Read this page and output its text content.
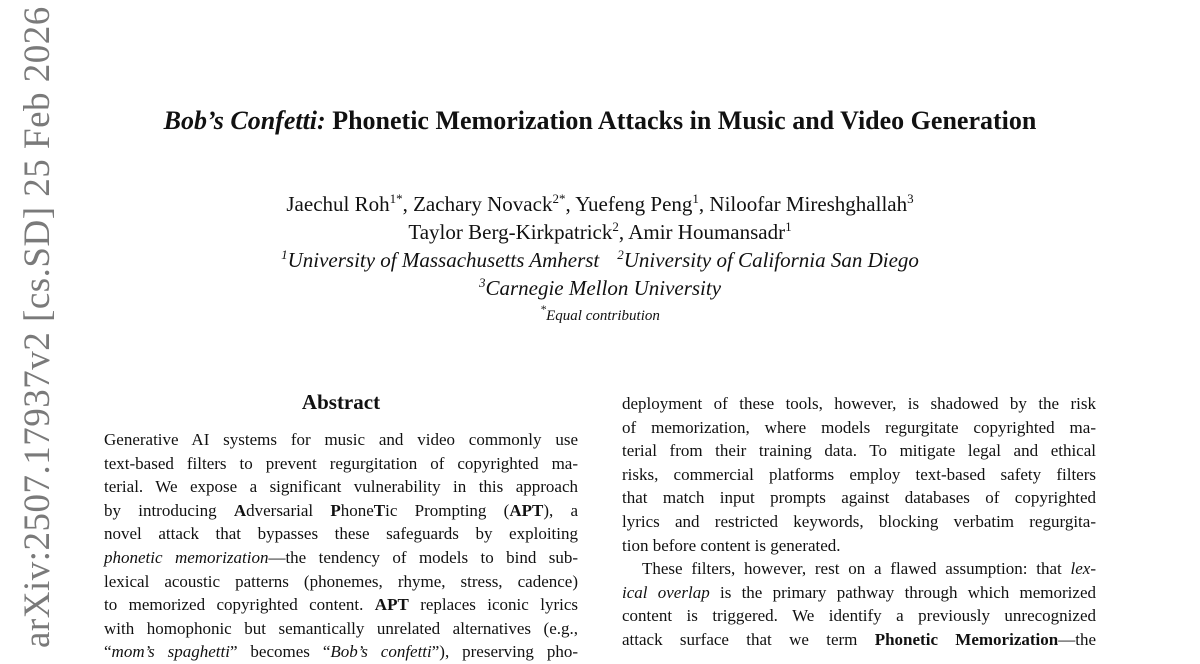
arXiv:2507.17937v2 [cs.SD] 25 Feb 2026	Bob’s Confetti: Phonetic Memorization Attacks in Music and Video Generation
Jaechul Roh$^{1*}$, Zachary Novack$^{2*}$, Yuefeng Peng$^1$, Niloofar Mireshghallah$^3$
Taylor Berg-Kirkpatrick$^2$, Amir Houmansadr$^1$
$^1$University of Massachusetts Amherst $^2$University of California San Diego
$^3$Carnegie Mellon University
*Equal contribution
Abstract
Generative AI systems for music and video commonly use
text-based filters to prevent regurgitation of copyrighted ma-
terial. We expose a significant vulnerability in this approach
by introducing Adversarial PhoneTic Prompting (APT), a
novel attack that bypasses these safeguards by exploiting
phonetic memorization—the tendency of models to bind sub-
lexical acoustic patterns (phonemes, rhyme, stress, cadence)
to memorized copyrighted content. APT replaces iconic lyrics
with homophonic but semantically unrelated alternatives (e.g.,
“mom’s spaghetti” becomes “Bob’s confetti”), preserving pho-
deployment of these tools, however, is shadowed by the risk
of memorization, where models regurgitate copyrighted ma-
terial from their training data. To mitigate legal and ethical
risks, commercial platforms employ text-based safety filters
that match input prompts against databases of copyrighted
lyrics and restricted keywords, blocking verbatim regurgita-
tion before content is generated.
These filters, however, rest on a flawed assumption: that lex-
ical overlap is the primary pathway through which memorized
content is triggered. We identify a previously unrecognized
attack surface that we term Phonetic Memorization—the
